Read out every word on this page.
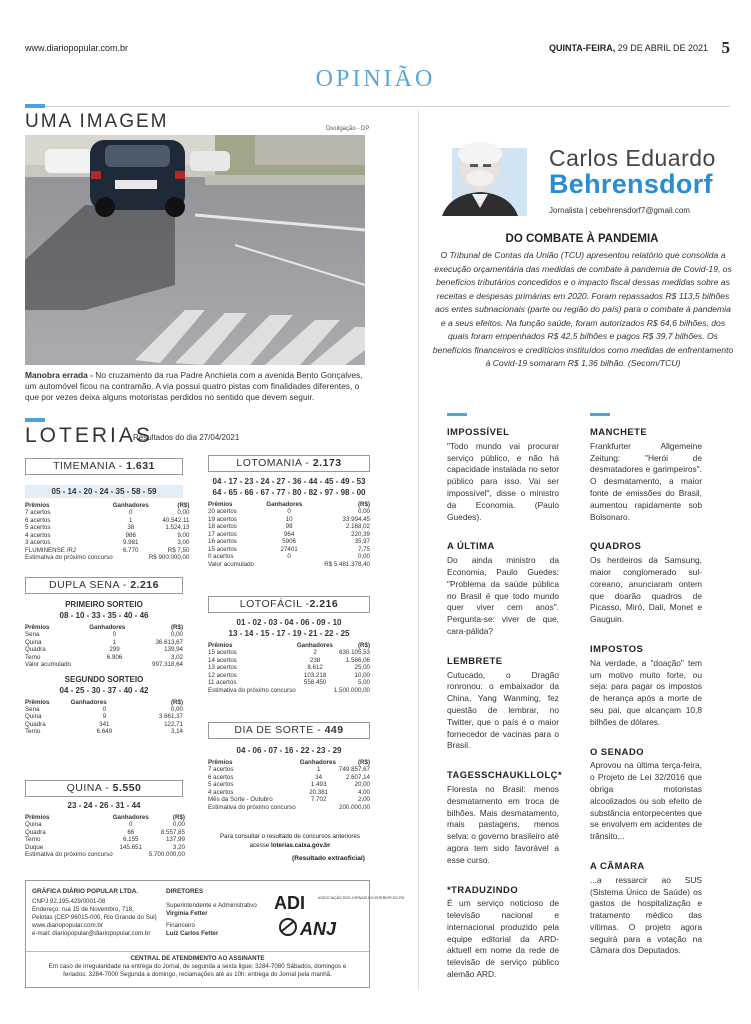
www.diariopopular.com.br	QUINTA-FEIRA, 29 DE ABRIL DE 2021 5
OPINIÃO
UMA IMAGEM	Divulgação - DP
Manobra errada - No cruzamento da rua Padre Anchieta com a avenida Bento Gonçalves, um automóvel ficou na contramão. A via possui quatro pistas com finalidades diferentes, o que por vezes deixa alguns motoristas perdidos no sentido que devem seguir.
LOTERIAS
Resultados do dia 27/04/2021
TIMEMANIA - 1.631
05 - 14 - 20 - 24 - 35 - 58 - 59
Prêmios	Ganhadores	(R$)
7 acertos	0	0,00
6 acertos	1	40.542,11
5 acertos	38	1.524,13
4 acertos	986	9,00
3 acertos	9.981	3,00
FLUMINENSE /RJ	6.770	R$ 7,50
Estimativa do próximo concurso		R$ 900.000,00
DUPLA SENA - 2.216
PRIMEIRO SORTEIO
08 - 10 - 33 - 35 - 40 - 46
Prêmios	Ganhadores	(R$)
Sena	0	0,00
Quina	1	36.613,67
Quadra	299	139,94
Terno	6.906	3,02
Valor acumulado		997.318,64
SEGUNDO SORTEIO
04 - 25 - 30 - 37 - 40 - 42
Prêmios	Ganhadores	(R$)
Sena	0	0,00
Quina	9	3.661,37
Quadra	341	122,71
Terno	6.649	3,14
QUINA - 5.550
23 - 24 - 26 - 31 - 44
Prêmios	Ganhadores	(R$)
Quina	0	0,00
Quadra	66	8.557,85
Terno	6.155	137,99
Duque	145.651	3,20
Estimativa do próximo concurso		5.700.000,00
LOTOMANIA - 2.173
04 - 17 - 23 - 24 - 27 - 36 - 44 - 45 - 49 - 53
64 - 65 - 66 - 67 - 77 - 80 - 82 - 97 - 98 - 00
Prêmios	Ganhadores	(R$)
20 acertos	0	0,00
19 acertos	10	33.994,45
18 acertos	98	2.168,02
17 acertos	964	220,39
16 acertos	5906	35,97
15 acertos	27401	7,75
0 acertos	0	0,00
Valor acumulado		R$ 5.481.378,40
LOTOFÁCIL -2.216
01 - 02 - 03 - 04 - 06 - 09 - 10
13 - 14 - 15 - 17 - 19 - 21 - 22 - 25
Prêmios	Ganhadores	(R$)
15 acertos	2	630.105,53
14 acertos	238	1.586,06
13 acertos	8.612	25,00
12 acertos	103.218	10,00
11 acertos	558.450	5,00
Estimativa do próximo concurso		1.500.000,00
DIA DE SORTE - 449
04 - 06 - 07 - 16 - 22 - 23 - 29
Prêmios	Ganhadores	(R$)
7 acertos	1	749.857,67
6 acertos	34	2.607,14
5 acertos	1.493	20,00
4 acertos	20.381	4,00
Mês da Sorte - Outubro	7.702	2,00
Estimativa do próximo concurso		200.000,00
Para consultar o resultado de concursos anteriores acesse loterias.caixa.gov.br
(Resultado extraoficial)
GRÁFICA DIÁRIO POPULAR LTDA.
CNPJ 92.195.429/0001-08
Endereço: rua 15 de Novembro, 718,
Pelotas (CEP 96015-000, Rio Grande do Sul)
www.diariopopular.com.br
e-mail: diariopopular@diariopopular.com.br
DIRETORES
Superintendente e Administrativo
Virgínia Fetter
Financeiro
Luiz Carlos Fetter
ADI	ASSOCIAÇÃO DOS JORNAIS DO INTERIOR DO RS
ANJ
CENTRAL DE ATENDIMENTO AO ASSINANTE
Em caso de irregularidade na entrega do Jornal, de segunda a sexta ligue: 3284-7080 Sábados, domingos e feriados: 3284-7000 Segunda a domingo, reclamações até as 10h: entrega do Jornal pela manhã.
Carlos Eduardo
Behrensdorf
Jornalista | cebehrensdorf7@gmail.com
DO COMBATE À PANDEMIA
O Tribunal de Contas da União (TCU) apresentou relatório que consolida a execução orçamentária das medidas de combate à pandemia de Covid-19, os benefícios tributários concedidos e o impacto fiscal dessas medidas sobre as receitas e despesas primárias em 2020. Foram repassados R$ 113,5 bilhões aos entes subnacionais (parte ou região do país) para o combate à pandemia e a seus efeitos. Na função saúde, foram autorizados R$ 64,6 bilhões, dos quais foram empenhados R$ 42,5 bilhões e pagos R$ 39,7 bilhões. Os benefícios financeiros e creditícios instituídos como medidas de enfrentamento à Covid-19 somaram R$ 1,36 bilhão. (Secom/TCU)
IMPOSSÍVEL

"Todo mundo vai procurar serviço público, e não há capacidade instalada no setor público para isso. Vai ser impossível", disse o ministro da Economia. (Paulo Guedes).

A ÚLTIMA

Do ainda ministro da Economia, Paulo Guedes: "Problema da saúde pública no Brasil é que todo mundo quer viver cem anos". Pergunta-se: viver de que, cara-pálida?

LEMBRETE

Cutucado, o Dragão ronronou: o embaixador da China, Yang Wanming, fez questão de lembrar, no Twitter, que o país é o maior fornecedor de vacinas para o Brasil.

TAGESSCHAUKLLOLÇ*

Floresta no Brasil: menos desmatamento em troca de bilhões. Mais desmatamento, mais pastagens, menos selva: o governo brasileiro até agora tem sido favorável a esse curso.

*TRADUZINDO

É um serviço noticioso de televisão nacional e internacional produzido pela equipe editorial da ARD-aktuell em nome da rede de televisão de serviço público alemão ARD.

MANCHETE

Frankfurter Allgemeine Zeitung: "Herói de desmatadores e garimpeiros". O desmatamento, a maior fonte de emissões do Brasil, aumentou rapidamente sob Bolsonaro.

QUADROS

Os herdeiros da Samsung, maior conglomerado sul-coreano, anunciaram ontem que doarão quadros de Picasso, Miró, Dali, Monet e Gauguin.

IMPOSTOS

Na verdade, a "doação" tem um motivo muito forte, ou seja: para pagar os impostos de herança após a morte de seu pai, que alcançam 10,8 bilhões de dólares.

O SENADO

Aprovou na última terça-feira, o Projeto de Lei 32/2016 que obriga motoristas alcoolizados ou sob efeito de substância entorpecentes que se envolvem em acidentes de trânsito...

A CÂMARA

...a ressarcir ao SUS (Sistema Único de Saúde) os gastos de hospitalização e tratamento médico das vítimas. O projeto agora seguirá para a votação na Câmara dos Deputados.
